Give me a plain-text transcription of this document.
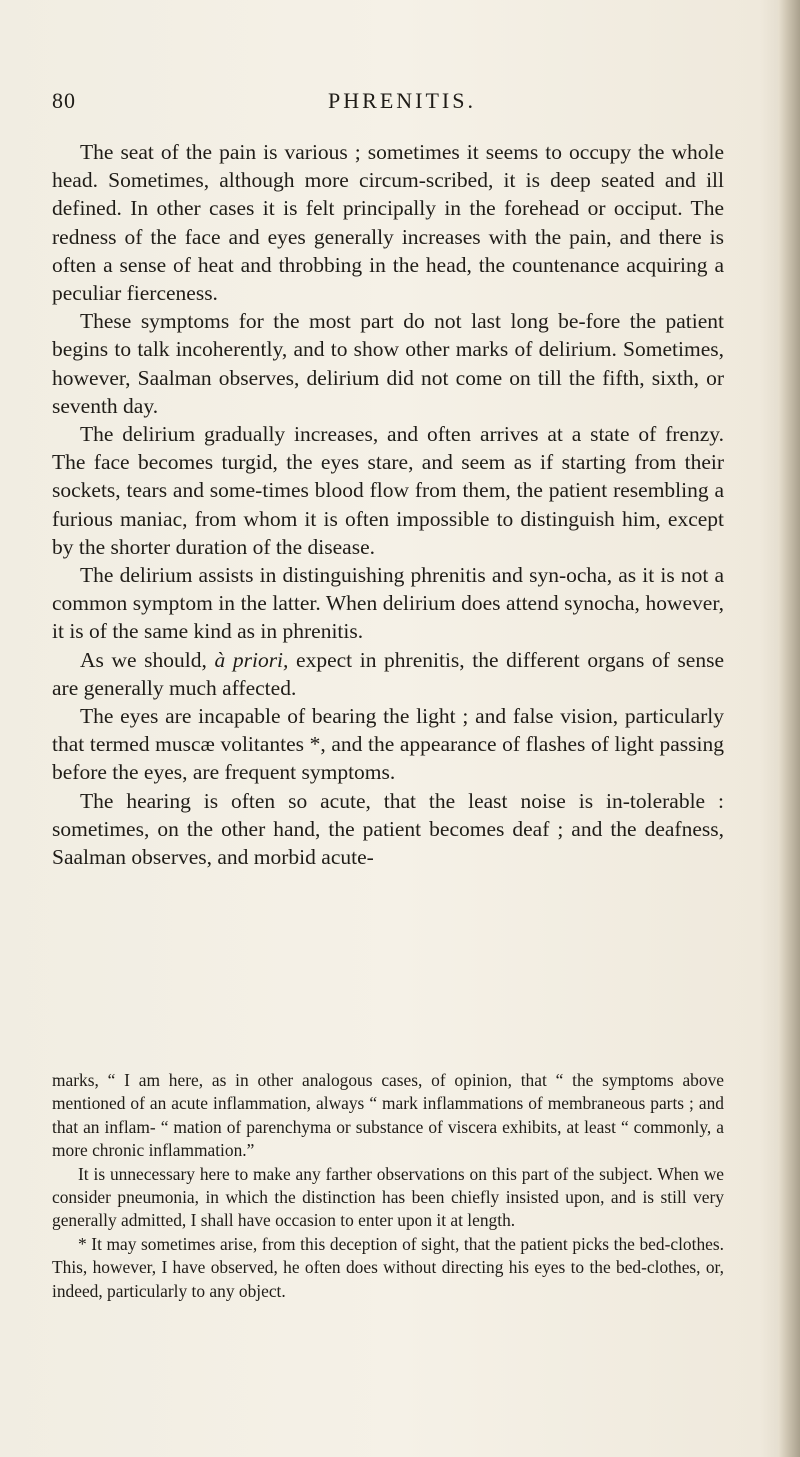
80	PHRENITIS.

The seat of the pain is various ; sometimes it seems to occupy the whole head. Sometimes, although more circum-scribed, it is deep seated and ill defined. In other cases it is felt principally in the forehead or occiput. The redness of the face and eyes generally increases with the pain, and there is often a sense of heat and throbbing in the head, the countenance acquiring a peculiar fierceness.

These symptoms for the most part do not last long be-fore the patient begins to talk incoherently, and to show other marks of delirium. Sometimes, however, Saalman observes, delirium did not come on till the fifth, sixth, or seventh day.

The delirium gradually increases, and often arrives at a state of frenzy. The face becomes turgid, the eyes stare, and seem as if starting from their sockets, tears and some-times blood flow from them, the patient resembling a furious maniac, from whom it is often impossible to distinguish him, except by the shorter duration of the disease.

The delirium assists in distinguishing phrenitis and syn-ocha, as it is not a common symptom in the latter. When delirium does attend synocha, however, it is of the same kind as in phrenitis.

As we should, à priori, expect in phrenitis, the different organs of sense are generally much affected.

The eyes are incapable of bearing the light ; and false vision, particularly that termed muscæ volitantes *, and the appearance of flashes of light passing before the eyes, are frequent symptoms.

The hearing is often so acute, that the least noise is in-tolerable : sometimes, on the other hand, the patient becomes deaf ; and the deafness, Saalman observes, and morbid acute-

marks, “ I am here, as in other analogous cases, of opinion, that “ the symptoms above mentioned of an acute inflammation, always “ mark inflammations of membraneous parts ; and that an inflam- “ mation of parenchyma or substance of viscera exhibits, at least “ commonly, a more chronic inflammation.”

It is unnecessary here to make any farther observations on this part of the subject. When we consider pneumonia, in which the distinction has been chiefly insisted upon, and is still very generally admitted, I shall have occasion to enter upon it at length.

* It may sometimes arise, from this deception of sight, that the patient picks the bed-clothes. This, however, I have observed, he often does without directing his eyes to the bed-clothes, or, indeed, particularly to any object.
